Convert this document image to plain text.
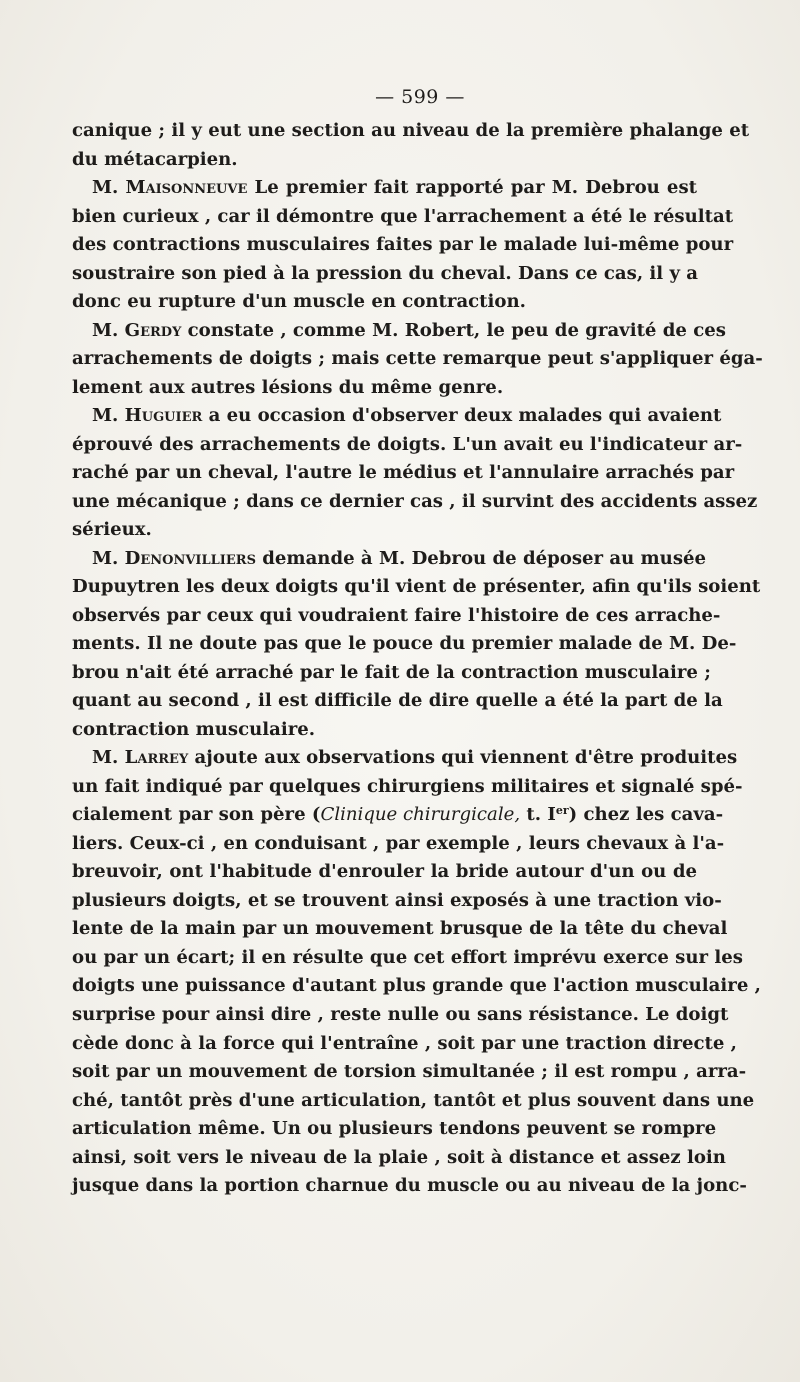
— 599 —
canique ; il y eut une section au niveau de la première phalange et
du métacarpien.
M. Maisonneuve Le premier fait rapporté par M. Debrou est
bien curieux , car il démontre que l'arrachement a été le résultat
des contractions musculaires faites par le malade lui-même pour
soustraire son pied à la pression du cheval. Dans ce cas, il y a
donc eu rupture d'un muscle en contraction.
M. Gerdy constate , comme M. Robert, le peu de gravité de ces
arrachements de doigts ; mais cette remarque peut s'appliquer éga-
lement aux autres lésions du même genre.
M. Huguier a eu occasion d'observer deux malades qui avaient
éprouvé des arrachements de doigts. L'un avait eu l'indicateur ar-
raché par un cheval, l'autre le médius et l'annulaire arrachés par
une mécanique ; dans ce dernier cas , il survint des accidents assez
sérieux.
M. Denonvilliers demande à M. Debrou de déposer au musée
Dupuytren les deux doigts qu'il vient de présenter, afin qu'ils soient
observés par ceux qui voudraient faire l'histoire de ces arrache-
ments. Il ne doute pas que le pouce du premier malade de M. De-
brou n'ait été arraché par le fait de la contraction musculaire ;
quant au second , il est difficile de dire quelle a été la part de la
contraction musculaire.
M. Larrey ajoute aux observations qui viennent d'être produites
un fait indiqué par quelques chirurgiens militaires et signalé spé-
cialement par son père (Clinique chirurgicale, t. Ier) chez les cava-
liers. Ceux-ci , en conduisant , par exemple , leurs chevaux à l'a-
breuvoir, ont l'habitude d'enrouler la bride autour d'un ou de
plusieurs doigts, et se trouvent ainsi exposés à une traction vio-
lente de la main par un mouvement brusque de la tête du cheval
ou par un écart; il en résulte que cet effort imprévu exerce sur les
doigts une puissance d'autant plus grande que l'action musculaire ,
surprise pour ainsi dire , reste nulle ou sans résistance. Le doigt
cède donc à la force qui l'entraîne , soit par une traction directe ,
soit par un mouvement de torsion simultanée ; il est rompu , arra-
ché, tantôt près d'une articulation, tantôt et plus souvent dans une
articulation même. Un ou plusieurs tendons peuvent se rompre
ainsi, soit vers le niveau de la plaie , soit à distance et assez loin
jusque dans la portion charnue du muscle ou au niveau de la jonc-
